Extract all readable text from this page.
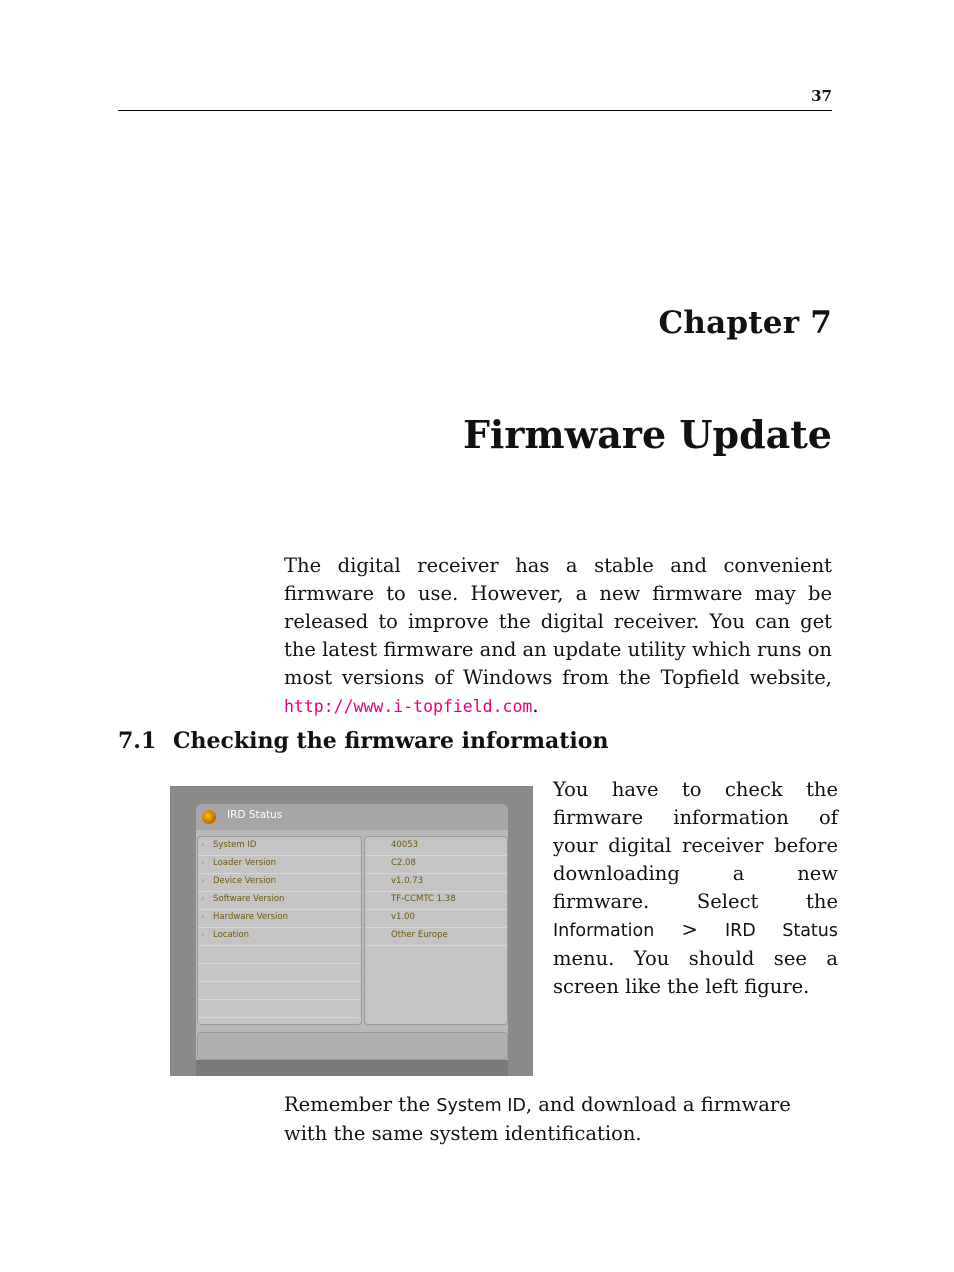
37
Chapter 7
Firmware Update

The digital receiver has a stable and convenient firmware to use. However, a new firmware may be released to improve the digital receiver. You can get the latest firmware and an update utility which runs on most versions of Windows from the Topfield website, http://www.i-topfield.com.

7.1 Checking the firmware information
IRD Status
› System ID
› Loader Version
› Device Version
› Software Version
› Hardware Version
› Location
40053
C2.08
v1.0.73
TF-CCMTC 1.38
v1.00
Other Europe

You have to check the firmware information of your digital receiver before downloading a new firmware. Select the Information > IRD Status menu. You should see a screen like the left figure.

Remember the System ID, and download a firmware with the same system identification.
